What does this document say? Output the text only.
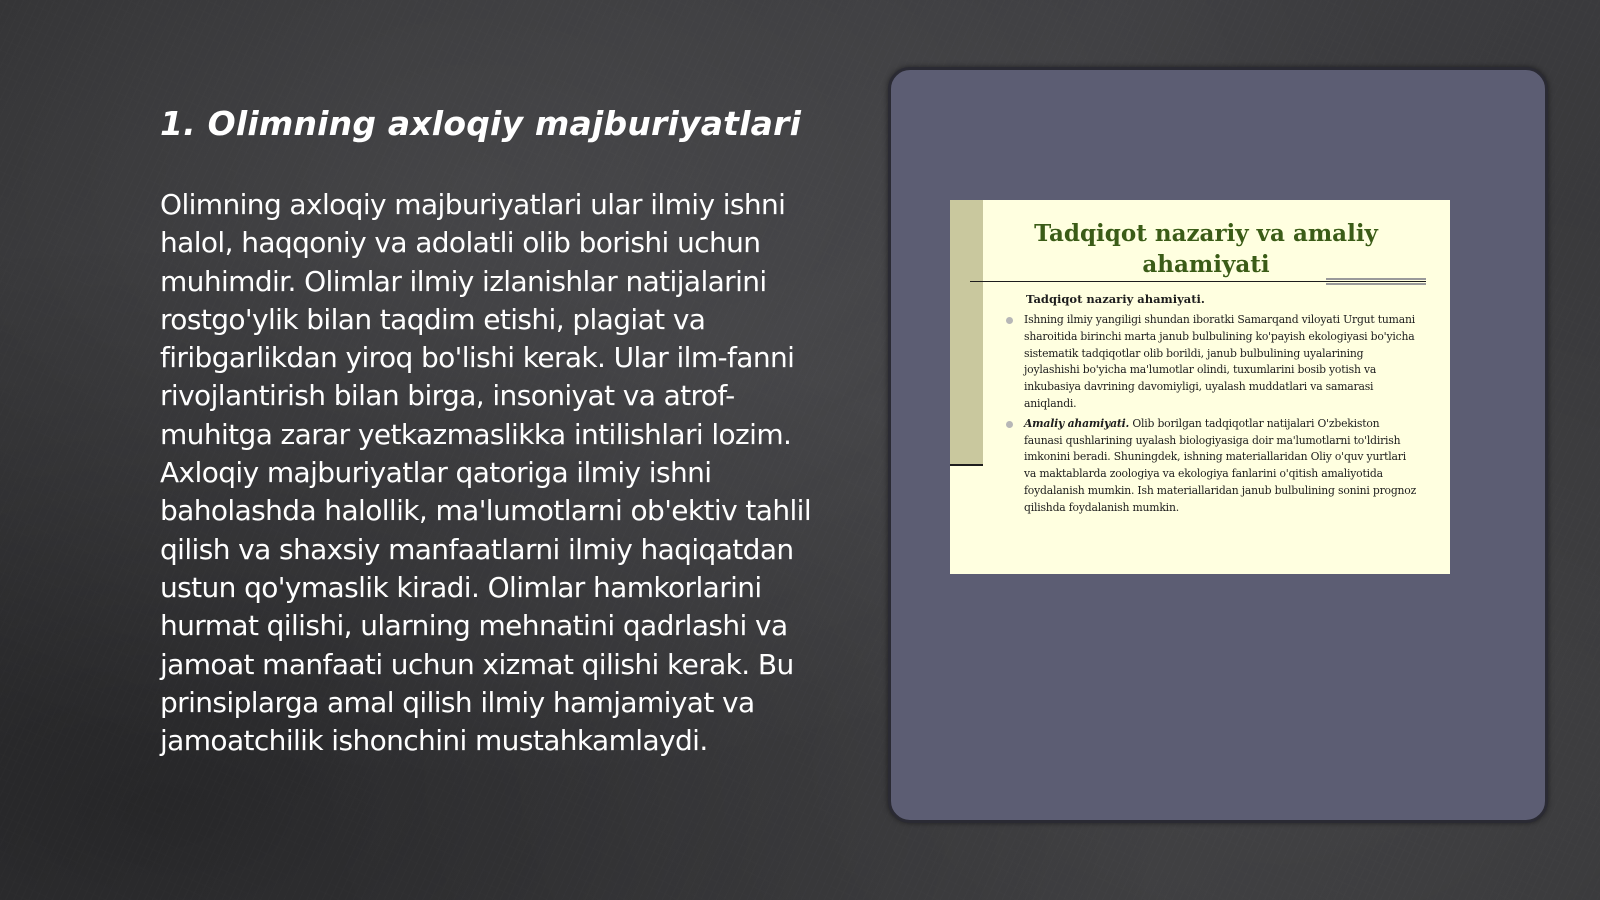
1. Olimning axloqiy majburiyatlari

Olimning axloqiy majburiyatlari ular ilmiy ishni halol, haqqoniy va adolatli olib borishi uchun muhimdir. Olimlar ilmiy izlanishlar natijalarini rostgo'ylik bilan taqdim etishi, plagiat va firibgarlikdan yiroq bo'lishi kerak. Ular ilm-fanni rivojlantirish bilan birga, insoniyat va atrof-muhitga zarar yetkazmaslikka intilishlari lozim. Axloqiy majburiyatlar qatoriga ilmiy ishni baholashda halollik, ma'lumotlarni ob'ektiv tahlil qilish va shaxsiy manfaatlarni ilmiy haqiqatdan ustun qo'ymaslik kiradi. Olimlar hamkorlarini hurmat qilishi, ularning mehnatini qadrlashi va jamoat manfaati uchun xizmat qilishi kerak. Bu prinsiplarga amal qilish ilmiy hamjamiyat va jamoatchilik ishonchini mustahkamlaydi.

Tadqiqot nazariy va amaliy ahamiyati

Tadqiqot nazariy ahamiyati.

Ishning ilmiy yangiligi shundan iboratki Samarqand viloyati Urgut tumani sharoitida birinchi marta janub bulbulining ko'payish ekologiyasi bo'yicha sistematik tadqiqotlar olib borildi, janub bulbulining uyalarining joylashishi bo'yicha ma'lumotlar olindi, tuxumlarini bosib yotish va inkubasiya davrining davomiyligi, uyalash muddatlari va samarasi aniqlandi.
Amaliy ahamiyati. Olib borilgan tadqiqotlar natijalari O'zbekiston faunasi qushlarining uyalash biologiyasiga doir ma'lumotlarni to'ldirish imkonini beradi. Shuningdek, ishning materiallaridan Oliy o'quv yurtlari va maktablarda zoologiya va ekologiya fanlarini o'qitish amaliyotida foydalanish mumkin. Ish materiallaridan janub bulbulining sonini prognoz qilishda foydalanish mumkin.
